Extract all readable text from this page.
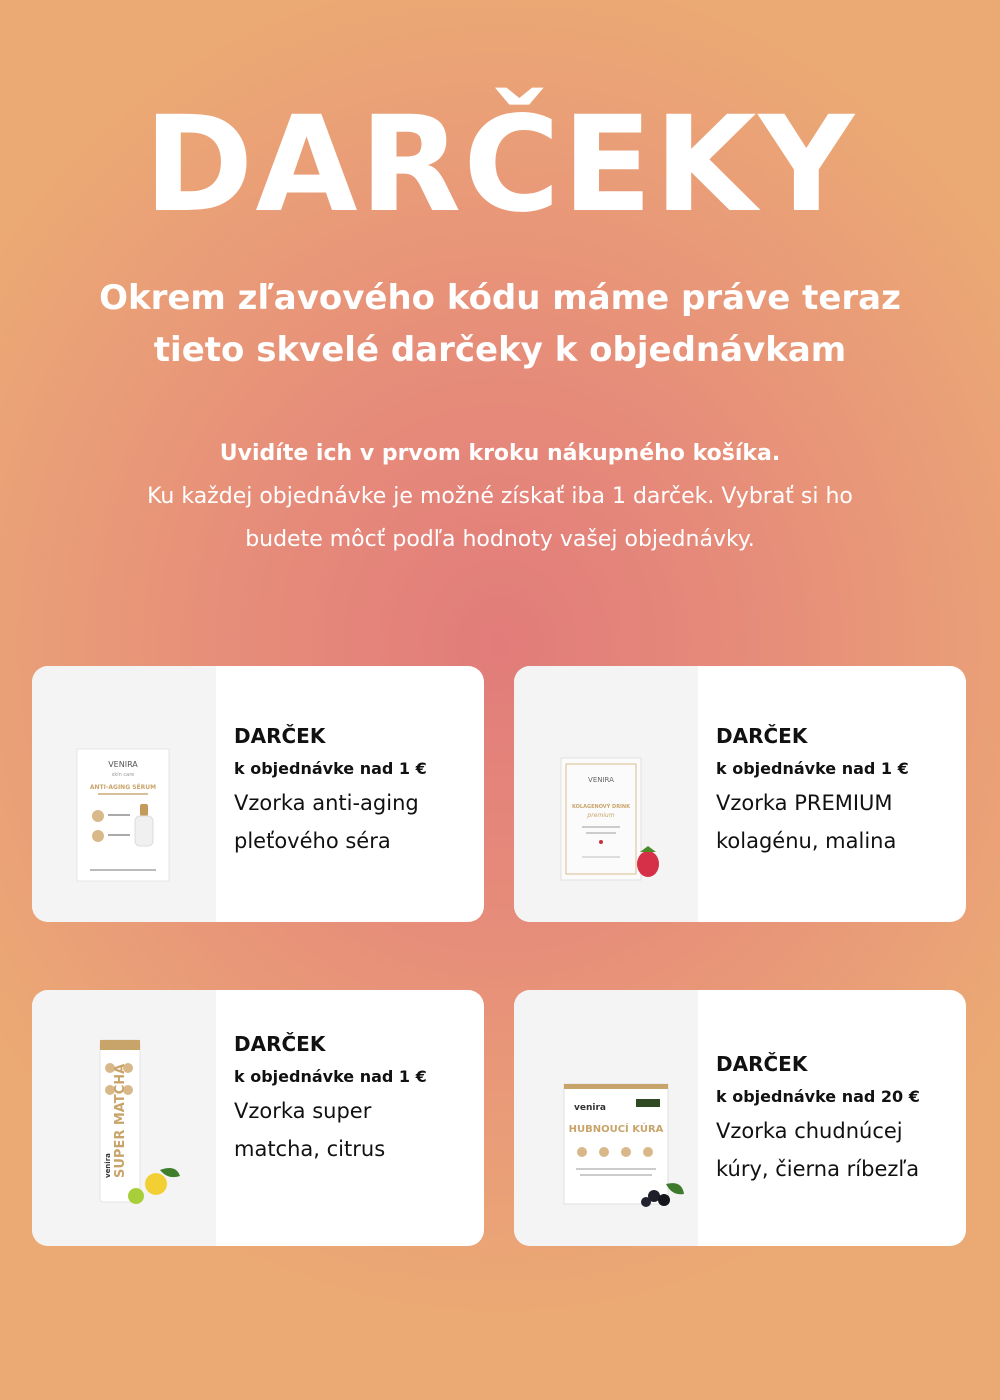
DARČEKY
Okrem zľavového kódu máme práve teraz
tieto skvelé darčeky k objednávkam
Uvidíte ich v prvom kroku nákupného košíka.
Ku každej objednávke je možné získať iba 1 darček. Vybrať si ho
budete môcť podľa hodnoty vašej objednávky.
VENIRA
skin care
ANTI-AGING SÉRUM
DARČEK
k objednávke nad 1 €
Vzorka anti-aging
pleťového séra
VENIRA
KOLAGENOVÝ DRINK
premium
DARČEK
k objednávke nad 1 €
Vzorka PREMIUM
kolagénu, malina
SUPER MATCHA
venira
DARČEK
k objednávke nad 1 €
Vzorka super
matcha, citrus
venira
HUBNOUCÍ KÚRA
DARČEK
k objednávke nad 20 €
Vzorka chudnúcej
kúry, čierna ríbezľa
